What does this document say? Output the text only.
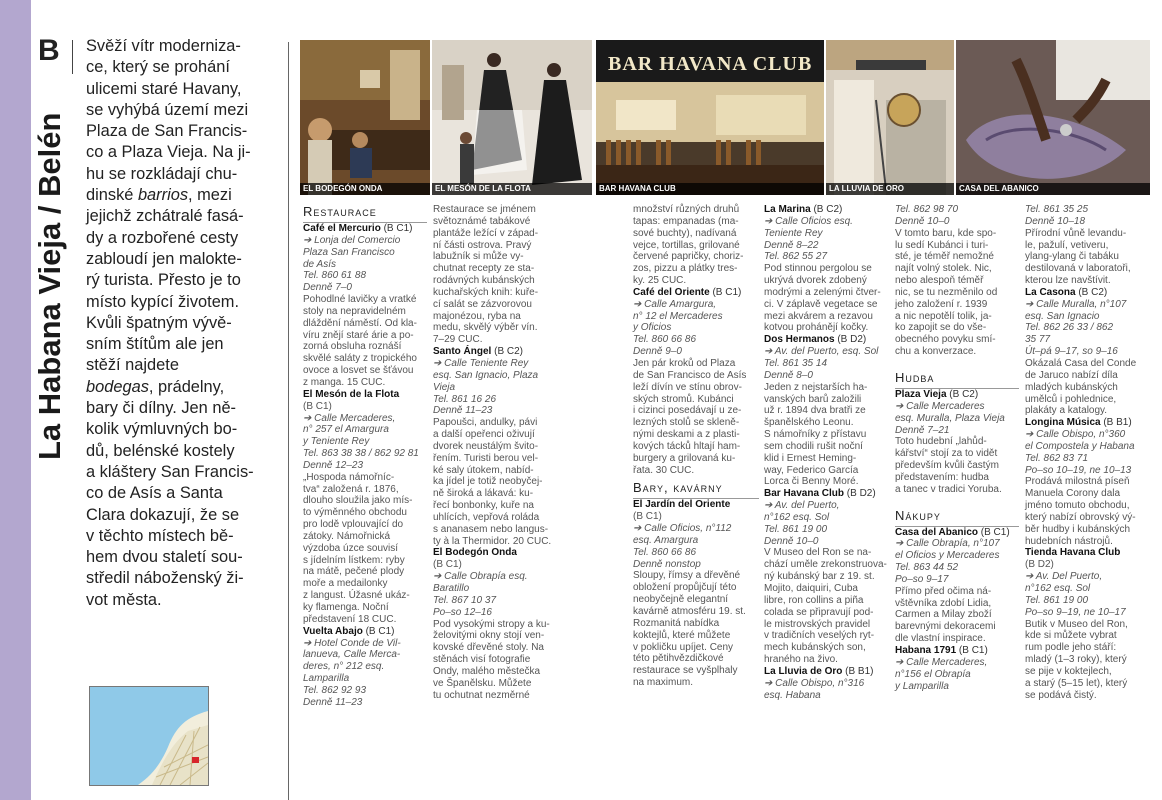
La Habana Vieja / Belén
B Svěží vítr moderniza-
ce, který se prohání
ulicemi staré Havany,
se vyhýbá území mezi
Plaza de San Francis-
co a Plaza Vieja. Na ji-
hu se rozkládají chu-
dinské barrios, mezi
jejichž zchátralé fasá-
dy a rozbořené cesty
zabloudí jen malokte-
rý turista. Přesto je to
místo kypící životem.
Kvůli špatným vývě-
sním štítům ale jen
stěží najdete
bodegas, prádelny,
bary či dílny. Jen ně-
kolik výmluvných bo-
dů, belénské kostely
a kláštery San Francis-
co de Asís a Santa
Clara dokazují, že se
v těchto místech bě-
hem dvou staletí sou-
středil náboženský ži-
vot města.

EL BODEGÓN ONDA	EL MESÓN DE LA FLOTA
BAR HAVANA CLUB
BAR HAVANA CLUB	LA LLUVIA DE ORO	CASA DEL ABANICO

Restaurace

Café el Mercurio (B C1)

➔ Lonja del Comercio

Plaza San Francisco

de Asís

Tel. 860 61 88

Denně 7–0

Pohodlné lavičky a vratké

stoly na nepravidelném

dláždění náměstí. Od kla-

víru znějí staré árie a po-

zorná obsluha roznáší

skvělé saláty z tropického

ovoce a losvet se šťávou

z manga. 15 CUC.

El Mesón de la Flota

(B C1)

➔ Calle Mercaderes,

n° 257 el Amargura

y Teniente Rey

Tel. 863 38 38 / 862 92 81

Denně 12–23

„Hospoda námořníc-

tva“ založená r. 1876,

dlouho sloužila jako mís-

to výměnného obchodu

pro lodě vplouvající do

zátoky. Námořnická

výzdoba úzce souvisí

s jídelním lístkem: ryby

na mátě, pečené plody

moře a medailonky

z langust. Úžasné ukáz-

ky flamenga. Noční

představení 18 CUC.

Vuelta Abajo (B C1)

➔ Hotel Conde de Vil-

lanueva, Calle Merca-

deres, n° 212 esq.

Lamparilla

Tel. 862 92 93

Denně 11–23

Restaurace se jménem

světoznámé tabákové

plantáže ležící v západ-

ní části ostrova. Pravý

labužník si může vy-

chutnat recepty ze sta-

rodávných kubánských

kuchařských knih: kuře-

cí salát se zázvorovou

majonézou, ryba na

medu, skvělý výběr vín.

7–29 CUC.

Santo Ángel (B C2)

➔ Calle Teniente Rey

esq. San Ignacio, Plaza

Vieja

Tel. 861 16 26

Denně 11–23

Papoušci, andulky, pávi

a další opeřenci oživují

dvorek neustálým švito-

řením. Turisti berou vel-

ké saly útokem, nabíd-

ka jídel je totiž neobyčej-

ně široká a lákavá: ku-

řecí bonbonky, kuře na

uhlících, vepřová roláda

s ananasem nebo langus-

ty à la Thermidor. 20 CUC.

El Bodegón Onda

(B C1)

➔ Calle Obrapía esq.

Baratillo

Tel. 867 10 37

Po–so 12–16

Pod vysokými stropy a ku-

želovitými okny stojí ven-

kovské dřevěné stoly. Na

stěnách visí fotografie

Ondy, malého městečka

ve Španělsku. Můžete

tu ochutnat nezměrné

množství různých druhů

tapas: empanadas (ma-

sové buchty), nadívaná

vejce, tortillas, grilované

červené papričky, choriz-

zos, pizzu a plátky tres-

ky. 25 CUC.

Café del Oriente (B C1)

➔ Calle Amargura,

n° 12 el Mercaderes

y Oficios

Tel. 860 66 86

Denně 9–0

Jen pár kroků od Plaza

de San Francisco de Asís

leží dívín ve stínu obrov-

ských stromů. Kubánci

i cizinci posedávají u ze-

lezných stolů se skleně-

nými deskami a z plasti-

kových tácků hltají ham-

burgery a grilovaná ku-

řata. 30 CUC.

Bary, kavárny

El Jardín del Oriente

(B C1)

➔ Calle Oficios, n°112

esq. Amargura

Tel. 860 66 86

Denně nonstop

Sloupy, římsy a dřevěné

obložení propůjčují této

neobyčejně elegantní

kavárně atmosféru 19. st.

Rozmanitá nabídka

koktejlů, které můžete

v pokličku upíjet. Ceny

této pětihvězdičkové

restaurace se vyšplhaly

na maximum.

La Marina (B C2)

➔ Calle Oficios esq.

Teniente Rey

Denně 8–22

Tel. 862 55 27

Pod stinnou pergolou se

ukrývá dvorek zdobený

modrými a zelenými čtver-

ci. V záplavě vegetace se

mezi akvárem a rezavou

kotvou prohánějí kočky.

Dos Hermanos (B D2)

➔ Av. del Puerto, esq. Sol

Tel. 861 35 14

Denně 8–0

Jeden z nejstarších ha-

vanských barů založili

už r. 1894 dva bratři ze

španělského Leonu.

S námořníky z přístavu

sem chodili rušit noční

klid i Ernest Heming-

way, Federico García

Lorca či Benny Moré.

Bar Havana Club (B D2)

➔ Av. del Puerto,

n°162 esq. Sol

Tel. 861 19 00

Denně 10–0

V Museo del Ron se na-

chází uměle zrekonstruova-

ný kubánský bar z 19. st.

Mojito, daiquiri, Cuba

libre, ron collins a piña

colada se připravují pod-

le mistrovských pravidel

v tradičních veselých ryt-

mech kubánských son,

hraného na živo.

La Lluvia de Oro (B B1)

➔ Calle Obispo, n°316

esq. Habana

Tel. 862 98 70

Denně 10–0

V tomto baru, kde spo-

lu sedí Kubánci i turi-

sté, je téměř nemožné

najít volný stolek. Nic,

nebo alespoň téměř

nic, se tu nezměnilo od

jeho založení r. 1939

a nic nepotělí tolik, ja-

ko zapojit se do vše-

obecného povyku smí-

chu a konverzace.

Hudba

Plaza Vieja (B C2)

➔ Calle Mercaderes

esq. Muralla, Plaza Vieja

Denně 7–21

Toto hudební „lahůd-

kářství“ stojí za to vidět

především kvůli častým

představením: hudba

a tanec v tradici Yoruba.

Nákupy

Casa del Abanico (B C1)

➔ Calle Obrapía, n°107

el Oficios y Mercaderes

Tel. 863 44 52

Po–so 9–17

Přímo před očima ná-

vštěvníka zdobí Lidia,

Carmen a Milay zboží

barevnými dekoracemi

dle vlastní inspirace.

Habana 1791 (B C1)

➔ Calle Mercaderes,

n°156 el Obrapía

y Lamparilla

Tel. 861 35 25

Denně 10–18

Přírodní vůně levandu-

le, pažulí, vetiveru,

ylang-ylang či tabáku

destilovaná v laboratoři,

kterou lze navštívit.

La Casona (B C2)

➔ Calle Muralla, n°107

esq. San Ignacio

Tel. 862 26 33 / 862

35 77

Út–pá 9–17, so 9–16

Okázalá Casa del Conde

de Jaruco nabízí díla

mladých kubánských

umělců i pohlednice,

plakáty a katalogy.

Longina Música (B B1)

➔ Calle Obispo, n°360

el Compostela y Habana

Tel. 862 83 71

Po–so 10–19, ne 10–13

Prodává milostná píseň

Manuela Corony dala

jméno tomuto obchodu,

který nabízí obrovský vý-

běr hudby i kubánských

hudebních nástrojů.

Tienda Havana Club

(B D2)

➔ Av. Del Puerto,

n°162 esq. Sol

Tel. 861 19 00

Po–so 9–19, ne 10–17

Butik v Museo del Ron,

kde si můžete vybrat

rum podle jeho stáří:

mladý (1–3 roky), který

se pije v koktejlech,

a starý (5–15 let), který

se podává čistý.
